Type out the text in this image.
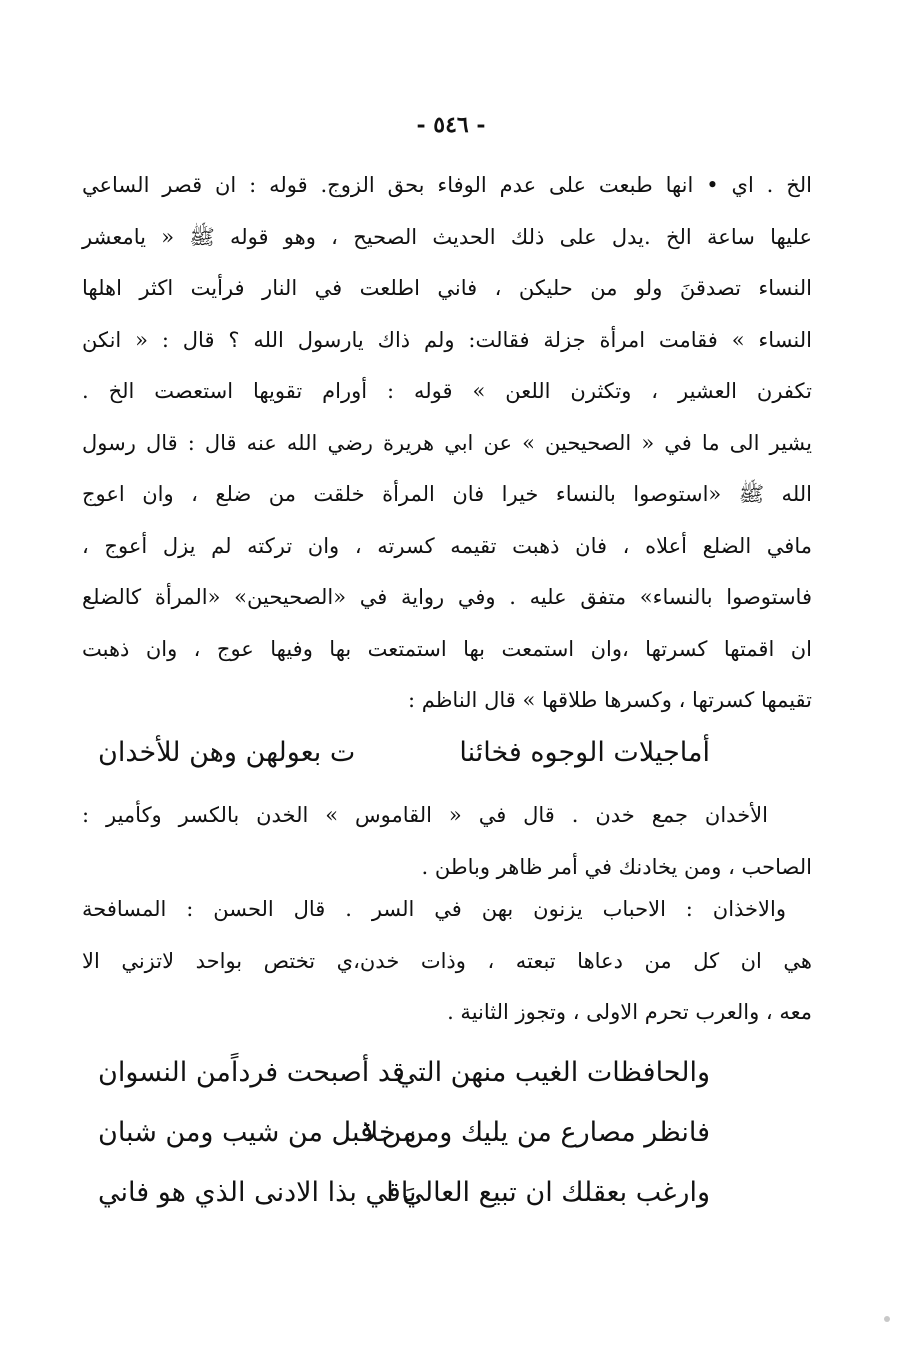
- ٥٤٦ -
الخ . اي • انها طبعت على عدم الوفاء بحق الزوج. قوله : ان قصر الساعي
عليها ساعة الخ .يدل على ذلك الحديث الصحيح ، وهو قوله ﷺ « يامعشر
النساء تصدقنَ ولو من حليكن ، فاني اطلعت في النار فرأيت اكثر اهلها
النساء » فقامت امرأة جزلة فقالت: ولم ذاك يارسول الله ؟ قال : « انكن
تكفرن العشير ، وتكثرن اللعن » قوله : أورام تقويها استعصت الخ .
يشير الى ما في « الصحيحين » عن ابي هريرة رضي الله عنه قال : قال رسول
الله ﷺ «استوصوا بالنساء خيرا فان المرأة خلقت من ضلع ، وان اعوج
مافي الضلع أعلاه ، فان ذهبت تقيمه كسرته ، وان تركته لم يزل أعوج ،
فاستوصوا بالنساء» متفق عليه . وفي رواية في «الصحيحين» «المرأة كالضلع
ان اقمتها كسرتها ،وان استمعت بها استمتعت بها وفيها عوج ، وان ذهبت
تقيمها كسرتها ، وكسرها طلاقها » قال الناظم :
أماجيلات الوجوه فخائنا
ت بعولهن وهن للأخدان
الأخدان جمع خدن . قال في « القاموس » الخدن بالكسر وكأمير :
الصاحب ، ومن يخادنك في أمر ظاهر وباطن .
والاخذان : الاحباب يزنون بهن في السر . قال الحسن : المسافحة
هي ان كل من دعاها تبعته ، وذات خدن،ي تختص بواحد لاتزني الا
معه ، والعرب تحرم الاولى ، وتجوز الثانية .
والحافظات الغيب منهن التي
قد أصبحت فرداًمن النسوان
فانظر مصارع من يليك ومن خلا
من قبل من شيب ومن شبان
وارغب بعقلك ان تبيع العاليَ ا
باقي بذا الادنى الذي هو فاني
